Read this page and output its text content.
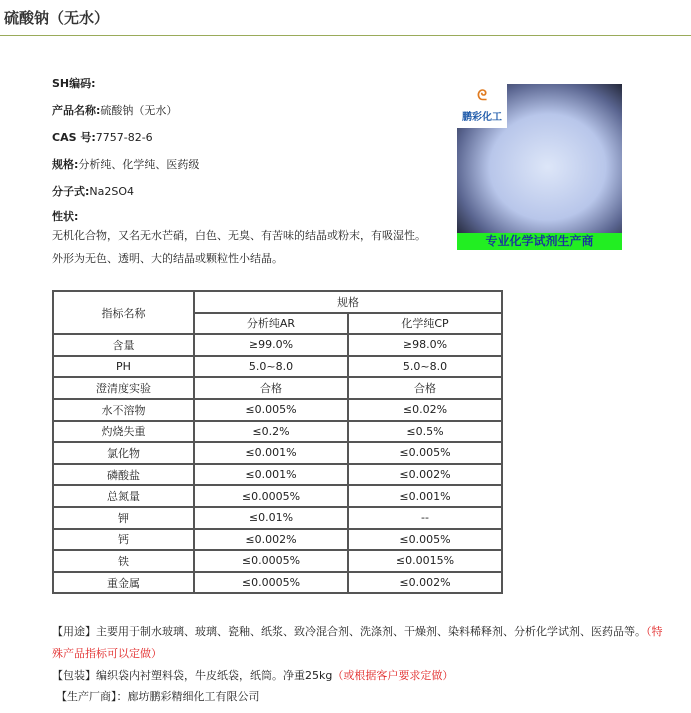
硫酸钠（无水）
SH编码:
产品名称:硫酸钠（无水）
CAS 号:7757-82-6
规格:分析纯、化学纯、医药级
分子式:Na2SO4
性状:
无机化合物，又名无水芒硝，白色、无臭、有苦味的结晶或粉末，有吸湿性。外形为无色、透明、大的结晶或颗粒性小结晶。
ᘓ
鹏彩化工
专业化学试剂生产商
指标名称	规格	
	分析纯AR	化学纯CP
含量	≥99.0%	≥98.0%
PH	5.0~8.0	5.0~8.0
澄清度实验	合格	合格
水不溶物	≤0.005%	≤0.02%
灼烧失重	≤0.2%	≤0.5%
氯化物	≤0.001%	≤0.005%
磷酸盐	≤0.001%	≤0.002%
总氮量	≤0.0005%	≤0.001%
钾	≤0.01%	--
钙	≤0.002%	≤0.005%
铁	≤0.0005%	≤0.0015%
重金属	≤0.0005%	≤0.002%
【用途】主要用于制水玻璃、玻璃、瓷釉、纸浆、致冷混合剂、洗涤剂、干燥剂、染料稀释剂、分析化学试剂、医药品等。（特殊产品指标可以定做）
【包装】编织袋内衬塑料袋，牛皮纸袋，纸筒。净重25kg（或根据客户要求定做）
【生产厂商】：廊坊鹏彩精细化工有限公司
